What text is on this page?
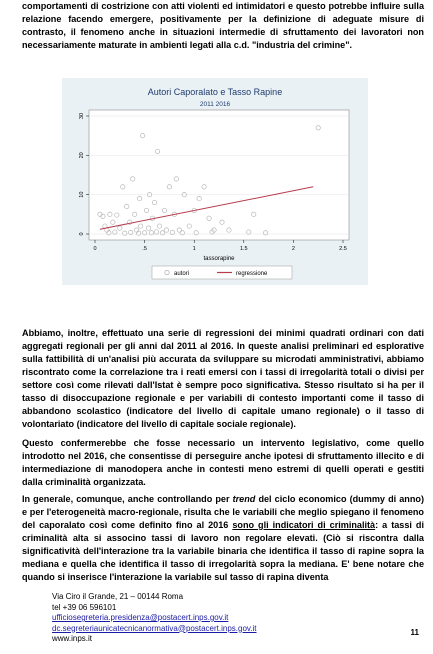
comportamenti di costrizione con atti violenti ed intimidatori e questo potrebbe influire sulla relazione facendo emergere, positivamente per la definizione di adeguate misure di contrasto, il fenomeno anche in situazioni intermedie di sfruttamento dei lavoratori non necessariamente maturate in ambienti legati alla c.d. "industria del crimine".
Autori Caporalato e Tasso Rapine
2011 2016
0
10
20
30
0	.5	1	1.5	2	2.5
tassorapine
autori	regressione
Abbiamo, inoltre, effettuato una serie di regressioni dei minimi quadrati ordinari con dati aggregati regionali per gli anni dal 2011 al 2016. In queste analisi preliminari ed esplorative sulla fattibilità di un'analisi più accurata da sviluppare su microdati amministrativi, abbiamo riscontrato come la correlazione tra i reati emersi con i tassi di irregolarità totali o divisi per settore così come rilevati dall'Istat è sempre poco significativa. Stesso risultato si ha per il tasso di disoccupazione regionale e per variabili di contesto importanti come il tasso di abbandono scolastico (indicatore del livello di capitale umano regionale) o il tasso di volontariato (indicatore del livello di capitale sociale regionale).
Questo confermerebbe che fosse necessario un intervento legislativo, come quello introdotto nel 2016, che consentisse di perseguire anche ipotesi di sfruttamento illecito e di intermediazione di manodopera anche in contesti meno estremi di quelli operati e gestiti dalla criminalità organizzata.
In generale, comunque, anche controllando per trend del ciclo economico (dummy di anno) e per l'eterogeneità macro-regionale, risulta che le variabili che meglio spiegano il fenomeno del caporalato così come definito fino al 2016 sono gli indicatori di criminalità: a tassi di criminalità alta si associno tassi di lavoro non regolare elevati. (Ciò si riscontra dalla significatività dell'interazione tra la variabile binaria che identifica il tasso di rapine sopra la mediana e quella che identifica il tasso di irregolarità sopra la mediana. E' bene notare che quando si inserisce l'interazione la variabile sul tasso di rapina diventa
Via Ciro il Grande, 21 – 00144 Roma
tel +39 06 596101
ufficiosegreteria.presidenza@postacert.inps.gov.it
dc.segreteriaunicatecnicanormativa@postacert.inps.gov.it
www.inps.it
11
